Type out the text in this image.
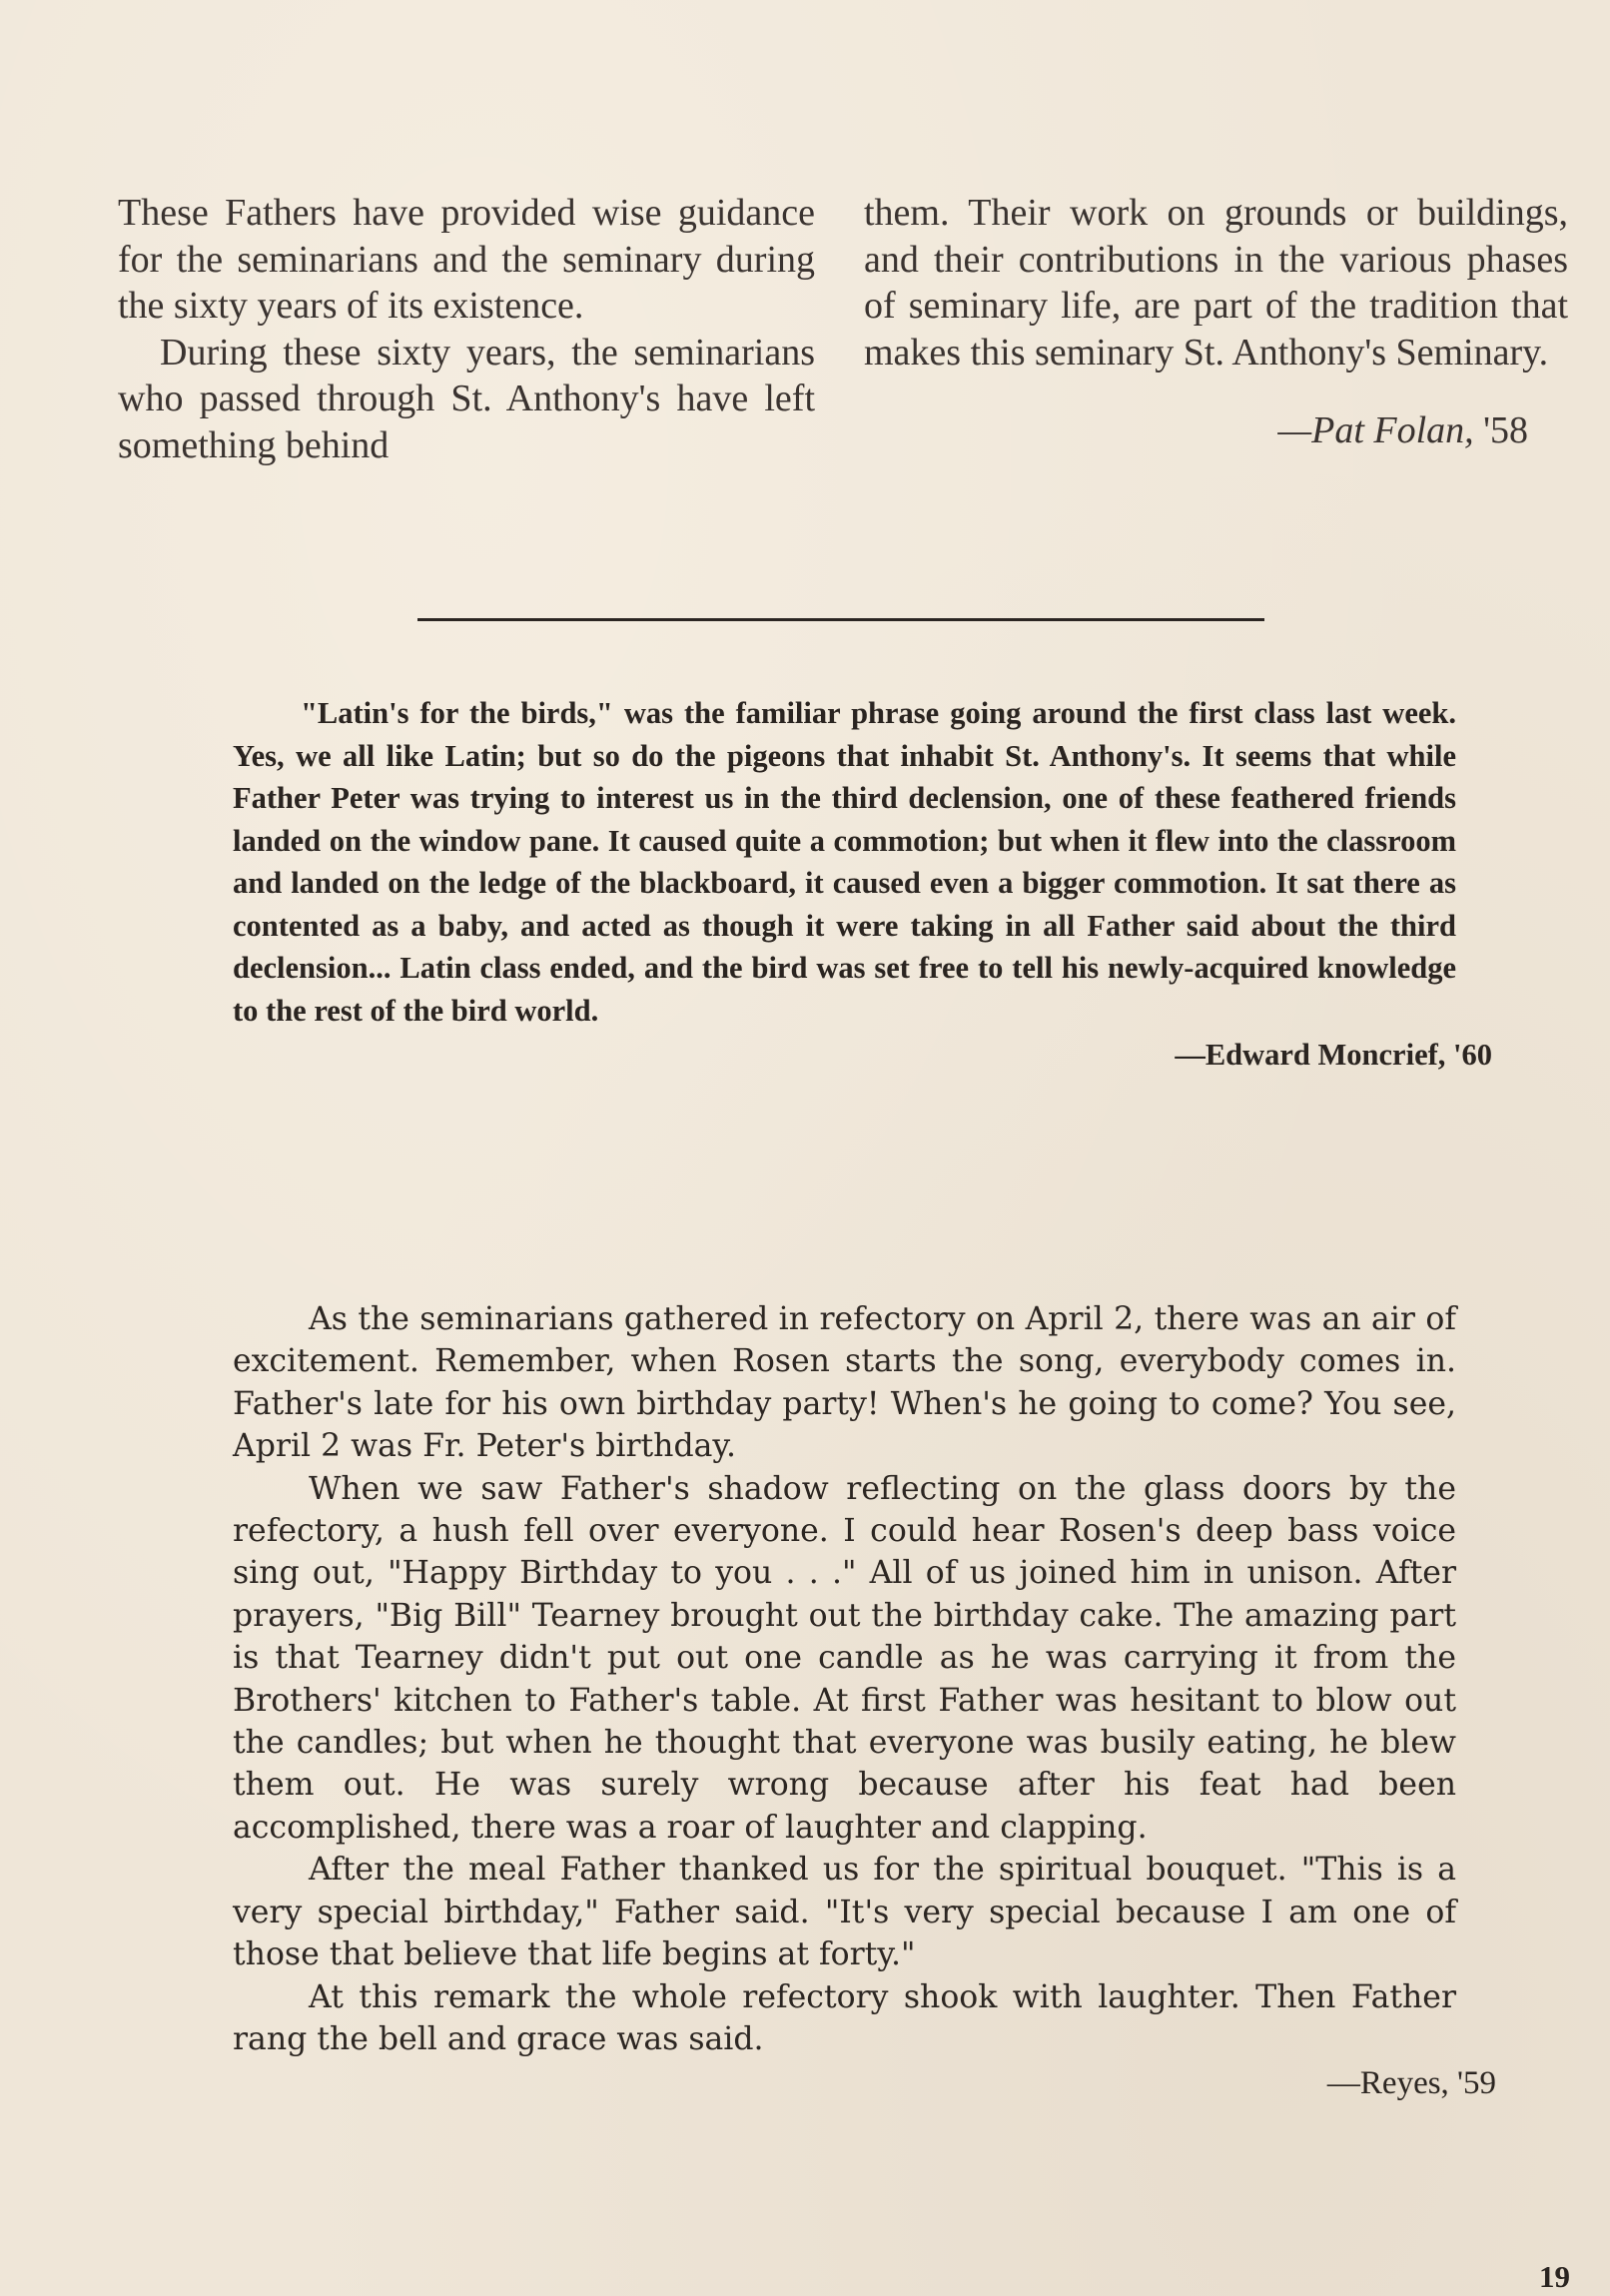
These Fathers have provided wise guidance for the seminarians and the seminary during the sixty years of its existence.

During these sixty years, the seminarians who passed through St. Anthony's have left something behind

them. Their work on grounds or buildings, and their contributions in the various phases of seminary life, are part of the tradition that makes this seminary St. Anthony's Seminary.

—Pat Folan, '58

"Latin's for the birds," was the familiar phrase going around the first class last week. Yes, we all like Latin; but so do the pigeons that inhabit St. Anthony's. It seems that while Father Peter was trying to interest us in the third declension, one of these feathered friends landed on the window pane. It caused quite a commotion; but when it flew into the classroom and landed on the ledge of the blackboard, it caused even a bigger commotion. It sat there as contented as a baby, and acted as though it were taking in all Father said about the third declension... Latin class ended, and the bird was set free to tell his newly-acquired knowledge to the rest of the bird world.

—Edward Moncrief, '60

As the seminarians gathered in refectory on April 2, there was an air of excitement. Remember, when Rosen starts the song, everybody comes in. Father's late for his own birthday party! When's he going to come? You see, April 2 was Fr. Peter's birthday.

When we saw Father's shadow reflecting on the glass doors by the refectory, a hush fell over everyone. I could hear Rosen's deep bass voice sing out, "Happy Birthday to you . . ." All of us joined him in unison. After prayers, "Big Bill" Tearney brought out the birthday cake. The amazing part is that Tearney didn't put out one candle as he was carrying it from the Brothers' kitchen to Father's table. At first Father was hesitant to blow out the candles; but when he thought that everyone was busily eating, he blew them out. He was surely wrong because after his feat had been accomplished, there was a roar of laughter and clapping.

After the meal Father thanked us for the spiritual bouquet. "This is a very special birthday," Father said. "It's very special because I am one of those that believe that life begins at forty."

At this remark the whole refectory shook with laughter. Then Father rang the bell and grace was said.

—Reyes, '59

19
